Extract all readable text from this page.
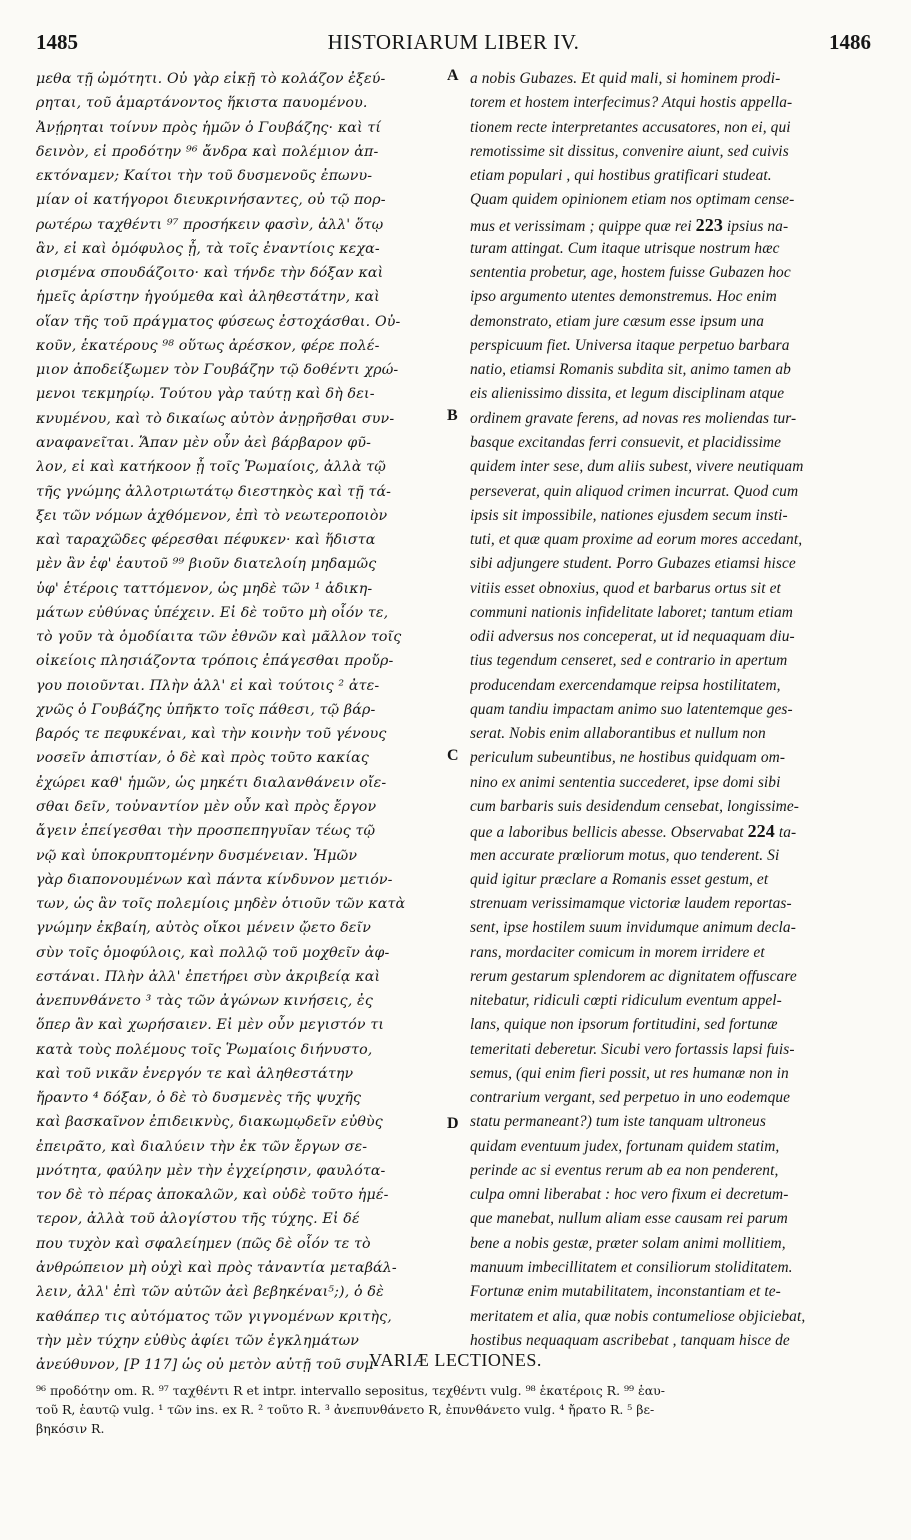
1485	HISTORIARUM LIBER IV.	1486
μεθα τῇ ὠμότητι. Οὐ γὰρ εἰκῇ τὸ κολάζον ἐξεύ-
ρηται, τοῦ ἁμαρτάνοντος ἥκιστα παυομένου.
Ἀνῄρηται τοίνυν πρὸς ἡμῶν ὁ Γουβάζης· καὶ τί
δεινὸν, εἰ προδότην ⁹⁶ ἄνδρα καὶ πολέμιον ἀπ-
εκτόναμεν; Καίτοι τὴν τοῦ δυσμενοῦς ἐπωνυ-
μίαν οἱ κατήγοροι διευκρινήσαντες, οὐ τῷ πορ-
ρωτέρω ταχθέντι ⁹⁷ προσήκειν φασὶν, ἀλλ' ὅτῳ
ἂν, εἰ καὶ ὁμόφυλος ᾖ, τὰ τοῖς ἐναντίοις κεχα-
ρισμένα σπουδάζοιτο· καὶ τήνδε τὴν δόξαν καὶ
ἡμεῖς ἀρίστην ἡγούμεθα καὶ ἀληθεστάτην, καὶ
οἵαν τῆς τοῦ πράγματος φύσεως ἐστοχάσθαι. Οὐ-
κοῦν, ἑκατέρους ⁹⁸ οὕτως ἀρέσκον, φέρε πολέ-
μιον ἀποδείξωμεν τὸν Γουβάζην τῷ δοθέντι χρώ-
μενοι τεκμηρίῳ. Τούτου γὰρ ταύτῃ καὶ δὴ δει-
κνυμένου, καὶ τὸ δικαίως αὐτὸν ἀνῃρῆσθαι συν-
αναφανεῖται. Ἅπαν μὲν οὖν ἀεὶ βάρβαρον φῦ-
λον, εἰ καὶ κατήκοον ᾖ τοῖς Ῥωμαίοις, ἀλλὰ τῷ
τῆς γνώμης ἀλλοτριωτάτῳ διεστηκὸς καὶ τῇ τά-
ξει τῶν νόμων ἀχθόμενον, ἐπὶ τὸ νεωτεροποιὸν
καὶ ταραχῶδες φέρεσθαι πέφυκεν· καὶ ἥδιστα
μὲν ἂν ἐφ' ἑαυτοῦ ⁹⁹ βιοῦν διατελοίη μηδαμῶς
ὑφ' ἑτέροις ταττόμενον, ὡς μηδὲ τῶν ¹ ἀδικη-
μάτων εὐθύνας ὑπέχειν. Εἰ δὲ τοῦτο μὴ οἷόν τε,
τὸ γοῦν τὰ ὁμοδίαιτα τῶν ἐθνῶν καὶ μᾶλλον τοῖς
οἰκείοις πλησιάζοντα τρόποις ἐπάγεσθαι προὔρ-
γου ποιοῦνται. Πλὴν ἀλλ' εἰ καὶ τούτοις ² ἀτε-
χνῶς ὁ Γουβάζης ὑπῆκτο τοῖς πάθεσι, τῷ βάρ-
βαρός τε πεφυκέναι, καὶ τὴν κοινὴν τοῦ γένους
νοσεῖν ἀπιστίαν, ὁ δὲ καὶ πρὸς τοῦτο κακίας
ἐχώρει καθ' ἡμῶν, ὡς μηκέτι διαλανθάνειν οἴε-
σθαι δεῖν, τοὐναντίον μὲν οὖν καὶ πρὸς ἔργον
ἄγειν ἐπείγεσθαι τὴν προσπεπηγυῖαν τέως τῷ
νῷ καὶ ὑποκρυπτομένην δυσμένειαν. Ἡμῶν
γὰρ διαπονουμένων καὶ πάντα κίνδυνον μετιόν-
των, ὡς ἂν τοῖς πολεμίοις μηδὲν ὁτιοῦν τῶν κατὰ
γνώμην ἐκβαίη, αὐτὸς οἴκοι μένειν ᾤετο δεῖν
σὺν τοῖς ὁμοφύλοις, καὶ πολλῷ τοῦ μοχθεῖν ἀφ-
εστάναι. Πλὴν ἀλλ' ἐπετήρει σὺν ἀκριβείᾳ καὶ
ἀνεπυνθάνετο ³ τὰς τῶν ἀγώνων κινήσεις, ἐς
ὅπερ ἂν καὶ χωρήσαιεν. Εἰ μὲν οὖν μεγιστόν τι
κατὰ τοὺς πολέμους τοῖς Ῥωμαίοις διήνυστο,
καὶ τοῦ νικᾶν ἐνεργόν τε καὶ ἀληθεστάτην
ἤραντο ⁴ δόξαν, ὁ δὲ τὸ δυσμενὲς τῆς ψυχῆς
καὶ βασκαῖνον ἐπιδεικνὺς, διακωμῳδεῖν εὐθὺς
ἐπειρᾶτο, καὶ διαλύειν τὴν ἐκ τῶν ἔργων σε-
μνότητα, φαύλην μὲν τὴν ἐγχείρησιν, φαυλότα-
τον δὲ τὸ πέρας ἀποκαλῶν, καὶ οὐδὲ τοῦτο ἡμέ-
τερον, ἀλλὰ τοῦ ἀλογίστου τῆς τύχης. Εἰ δέ
που τυχὸν καὶ σφαλείημεν (πῶς δὲ οἷόν τε τὸ
ἀνθρώπειον μὴ οὐχὶ καὶ πρὸς τἀναντία μεταβάλ-
λειν, ἀλλ' ἐπὶ τῶν αὐτῶν ἀεὶ βεβηκέναι⁵;), ὁ δὲ
καθάπερ τις αὐτόματος τῶν γιγνομένων κριτὴς,
τὴν μὲν τύχην εὐθὺς ἀφίει τῶν ἐγκλημάτων
ἀνεύθυνον, [P 117] ὡς οὐ μετὸν αὐτῇ τοῦ συμ-
a nobis Gubazes. Et quid mali, si hominem prodi-
torem et hostem interfecimus? Atqui hostis appella-
tionem recte interpretantes accusatores, non ei, qui
remotissime sit dissitus, convenire aiunt, sed cuivis
etiam populari , qui hostibus gratificari studeat.
Quam quidem opinionem etiam nos optimam cense-
mus et verissimam ; quippe quæ rei 223 ipsius na-
turam attingat. Cum itaque utrisque nostrum hæc
sententia probetur, age, hostem fuisse Gubazen hoc
ipso argumento utentes demonstremus. Hoc enim
demonstrato, etiam jure cæsum esse ipsum una
perspicuum fiet. Universa itaque perpetuo barbara
natio, etiamsi Romanis subdita sit, animo tamen ab
eis alienissimo dissita, et legum disciplinam atque
ordinem gravate ferens, ad novas res moliendas tur-
basque excitandas ferri consuevit, et placidissime
quidem inter sese, dum aliis subest, vivere neutiquam
perseverat, quin aliquod crimen incurrat. Quod cum
ipsis sit impossibile, nationes ejusdem secum insti-
tuti, et quæ quam proxime ad eorum mores accedant,
sibi adjungere student. Porro Gubazes etiamsi hisce
vitiis esset obnoxius, quod et barbarus ortus sit et
communi nationis infidelitate laboret; tantum etiam
odii adversus nos conceperat, ut id nequaquam diu-
tius tegendum censeret, sed e contrario in apertum
producendam exercendamque reipsa hostilitatem,
quam tandiu impactam animo suo latentemque ges-
serat. Nobis enim allaborantibus et nullum non
periculum subeuntibus, ne hostibus quidquam om-
nino ex animi sententia succederet, ipse domi sibi
cum barbaris suis desidendum censebat, longissime-
que a laboribus bellicis abesse. Observabat 224 ta-
men accurate prœliorum motus, quo tenderent. Si
quid igitur præclare a Romanis esset gestum, et
strenuam verissimamque victoriæ laudem reportas-
sent, ipse hostilem suum invidumque animum decla-
rans, mordaciter comicum in morem irridere et
rerum gestarum splendorem ac dignitatem offuscare
nitebatur, ridiculi cœpti ridiculum eventum appel-
lans, quique non ipsorum fortitudini, sed fortunæ
temeritati deberetur. Sicubi vero fortassis lapsi fuis-
semus, (qui enim fieri possit, ut res humanæ non in
contrarium vergant, sed perpetuo in uno eodemque
statu permaneant?) tum iste tanquam ultroneus
quidam eventuum judex, fortunam quidem statim,
perinde ac si eventus rerum ab ea non penderent,
culpa omni liberabat : hoc vero fixum ei decretum-
que manebat, nullum aliam esse causam rei parum
bene a nobis gestæ, præter solam animi mollitiem,
manuum imbecillitatem et consiliorum stoliditatem.
Fortunæ enim mutabilitatem, inconstantiam et te-
meritatem et alia, quæ nobis contumeliose objiciebat,
hostibus nequaquam ascribebat , tanquam hisce de
A
B
C
D
VARIÆ LECTIONES.
⁹⁶ προδότην om. R. ⁹⁷ ταχθέντι R et intpr. intervallo sepositus, τεχθέντι vulg. ⁹⁸ ἑκατέροις R. ⁹⁹ ἑαυ-
τοῦ R, ἑαυτῷ vulg. ¹ τῶν ins. ex R. ² τοῦτο R. ³ ἀνεπυνθάνετο R, ἐπυνθάνετο vulg. ⁴ ἤρατο R. ⁵ βε-
βηκόσιν R.
